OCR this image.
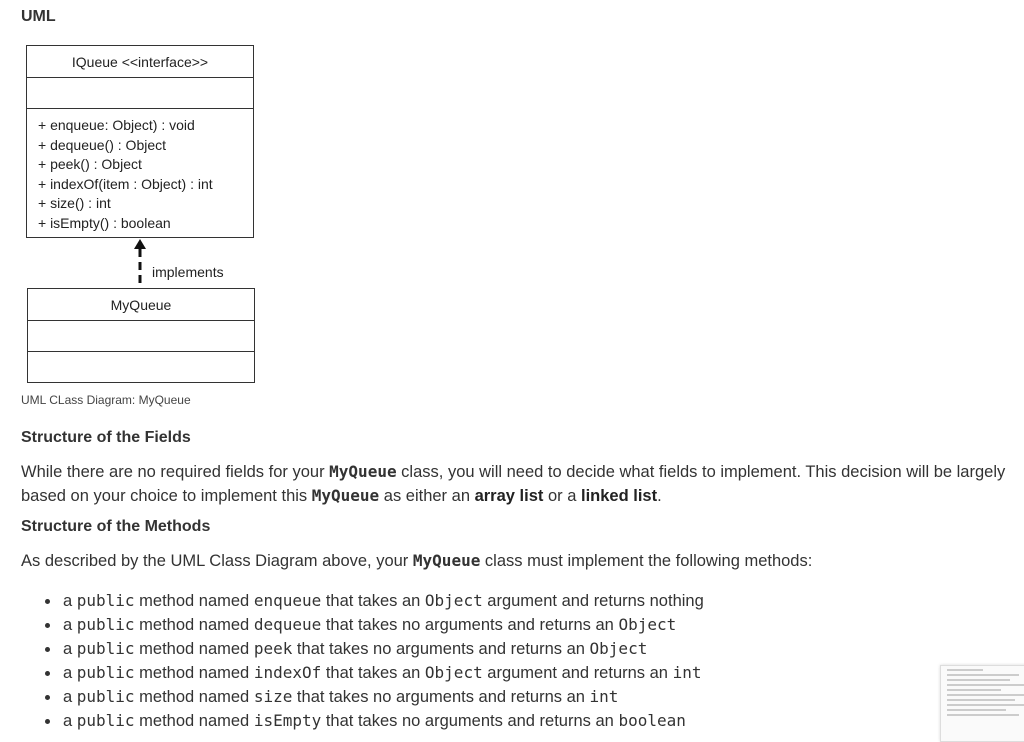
UML
IQueue <<interface>>
+ enqueue: Object) : void
+ dequeue() : Object
+ peek() : Object
+ indexOf(item : Object) : int
+ size() : int
+ isEmpty() : boolean
implements
MyQueue
UML CLass Diagram: MyQueue
Structure of the Fields

While there are no required fields for your MyQueue class, you will need to decide what fields to implement. This decision will be largely based on your choice to implement this MyQueue as either an array list or a linked list.

Structure of the Methods

As described by the UML Class Diagram above, your MyQueue class must implement the following methods:

• a public method named enqueue that takes an Object argument and returns nothing
• a public method named dequeue that takes no arguments and returns an Object
• a public method named peek that takes no arguments and returns an Object
• a public method named indexOf that takes an Object argument and returns an int
• a public method named size that takes no arguments and returns an int
• a public method named isEmpty that takes no arguments and returns an boolean
